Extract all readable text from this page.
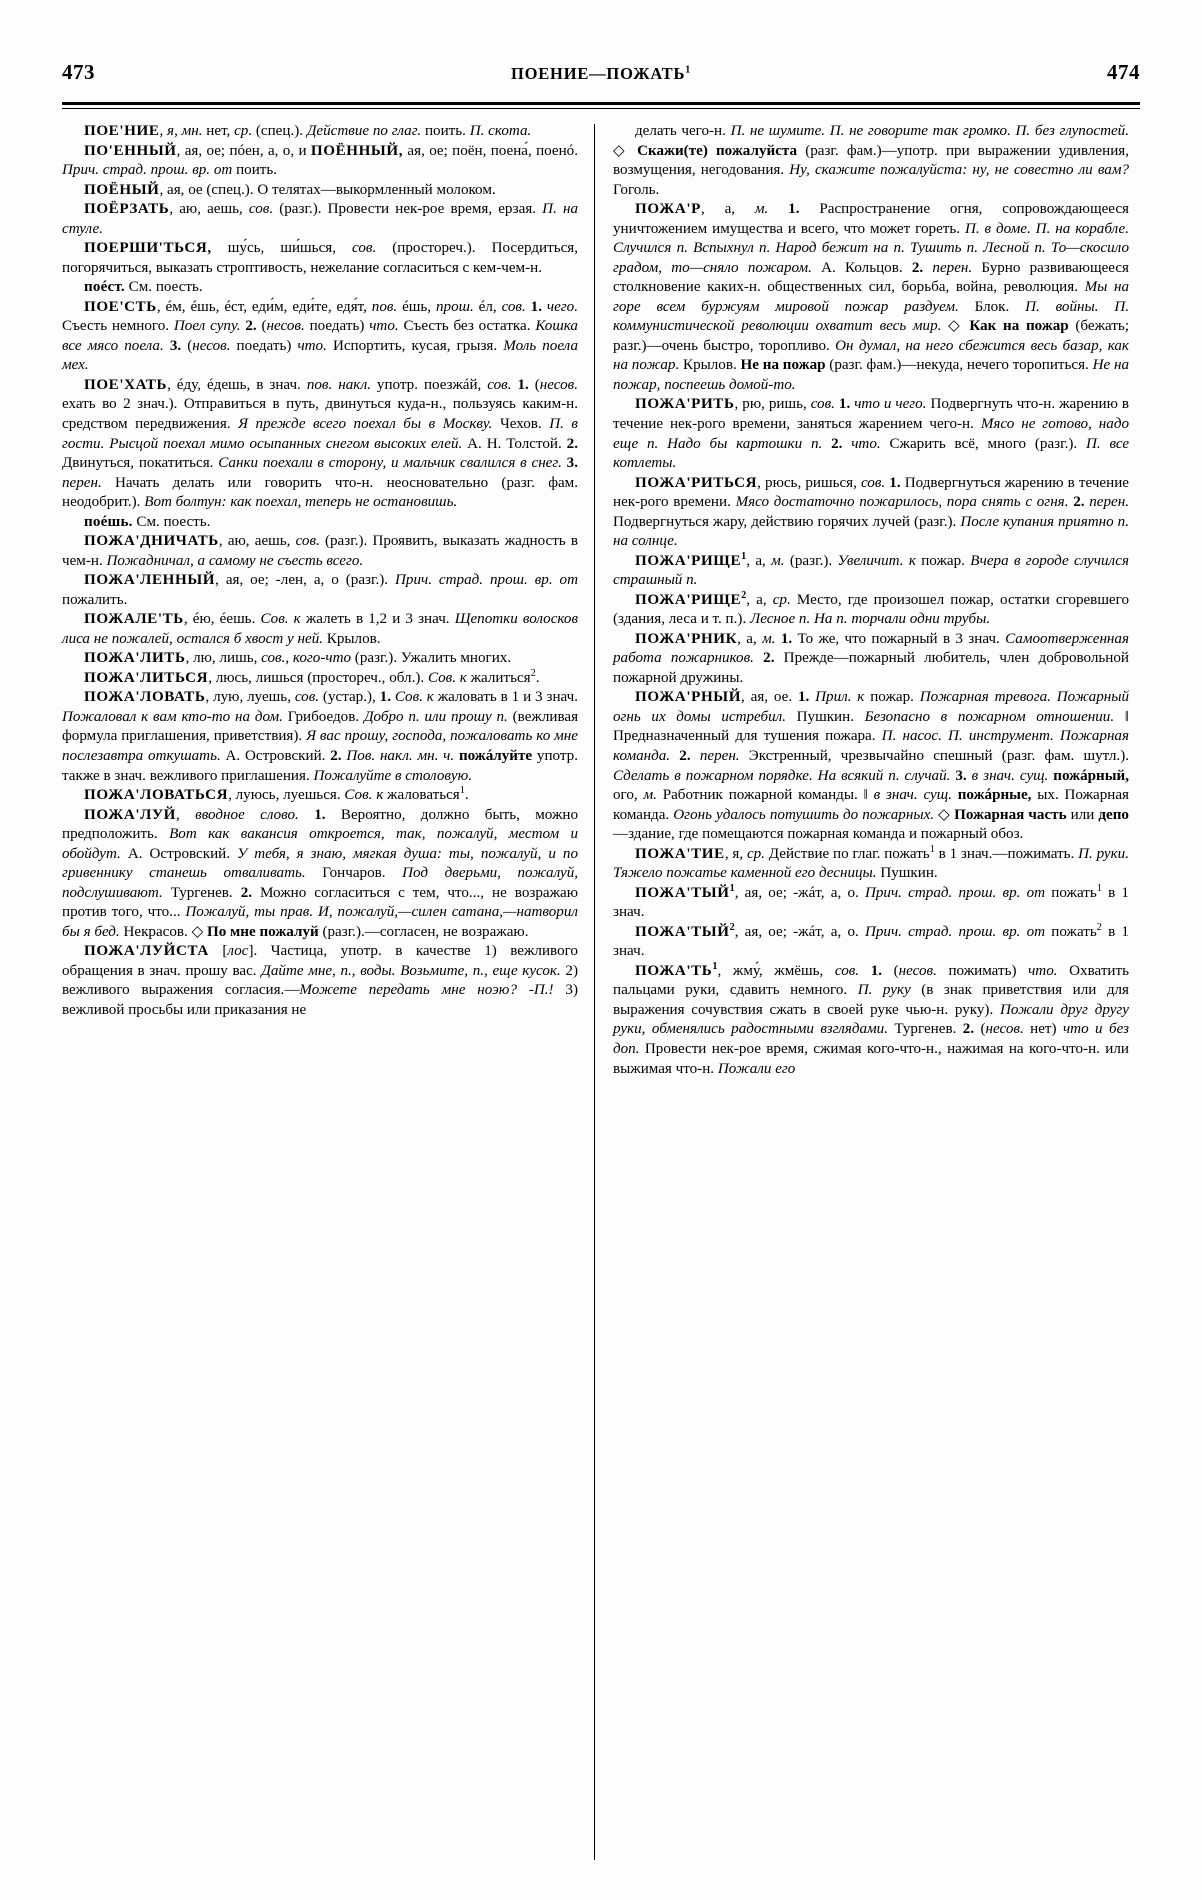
473	ПОЕНИЕ—ПОЖАТЬ$^1$	474

ПОЕ'НИЕ, я, мн. нет, ср. (спец.). Действие по глаг. поить. П. скота.

ПО'ЕННЫЙ, ая, ое; пóен, а, о, и ПОЁННЫЙ, ая, ое; поён, поена́, поенó. Прич. страд. прош. вр. от поить.

ПОЁНЫЙ, ая, ое (спец.). О телятах—выкормленный молоком.

ПОЁРЗАТЬ, аю, аешь, сов. (разг.). Провести нек-рое время, ерзая. П. на стуле.

ПОЕРШИ'ТЬСЯ, шу́сь, ши́шься, сов. (простореч.). Посердиться, погорячиться, выказать строптивость, нежелание согласиться с кем-чем-н.

поéст. См. поесть.

ПОЕ'СТЬ, éм, éшь, éст, еди́м, еди́те, едя́т, пов. éшь, прош. éл, сов. 1. чего. Съесть немного. Поел супу. 2. (несов. поедать) что. Съесть без остатка. Кошка все мясо поела. 3. (несов. поедать) что. Испортить, кусая, грызя. Моль поела мех.

ПОЕ'ХАТЬ, éду, éдешь, в знач. пов. накл. употр. поезжáй, сов. 1. (несов. ехать во 2 знач.). Отправиться в путь, двинуться куда-н., пользуясь каким-н. средством передвижения. Я прежде всего поехал бы в Москву. Чехов. П. в гости. Рысцой поехал мимо осыпанных снегом высоких елей. А. Н. Толстой. 2. Двинуться, покатиться. Санки поехали в сторону, и мальчик свалился в снег. 3. перен. Начать делать или говорить что-н. неосновательно (разг. фам. неодобрит.). Вот болтун: как поехал, теперь не остановишь.

поéшь. См. поесть.

ПОЖА'ДНИЧАТЬ, аю, аешь, сов. (разг.). Проявить, выказать жадность в чем-н. Пожадничал, а самому не съесть всего.

ПОЖА'ЛЕННЫЙ, ая, ое; -лен, а, о (разг.). Прич. страд. прош. вр. от пожалить.

ПОЖАЛЕ'ТЬ, éю, éешь. Сов. к жалеть в 1,2 и 3 знач. Щепотки волосков лиса не пожалей, остался б хвост у ней. Крылов.

ПОЖА'ЛИТЬ, лю, лишь, сов., кого-что (разг.). Ужалить многих.

ПОЖА'ЛИТЬСЯ, люсь, лишься (простореч., обл.). Сов. к жалиться$^2$.

ПОЖА'ЛОВАТЬ, лую, луешь, сов. (устар.), 1. Сов. к жаловать в 1 и 3 знач. Пожаловал к вам кто-то на дом. Грибоедов. Добро п. или прошу п. (вежливая формула приглашения, приветствия). Я вас прошу, господа, пожаловать ко мне послезавтра откушать. А. Островский. 2. Пов. накл. мн. ч. пожáлуйте употр. также в знач. вежливого приглашения. Пожалуйте в столовую.

ПОЖА'ЛОВАТЬСЯ, луюсь, луешься. Сов. к жаловаться$^1$.

ПОЖА'ЛУЙ, вводное слово. 1. Вероятно, должно быть, можно предположить. Вот как вакансия откроется, так, пожалуй, местом и обойдут. А. Островский. У тебя, я знаю, мягкая душа: ты, пожалуй, и по гривеннику станешь отваливать. Гончаров. Под дверьми, пожалуй, подслушивают. Тургенев. 2. Можно согласиться с тем, что..., не возражаю против того, что... Пожалуй, ты прав. И, пожалуй,—силен сатана,—натворил бы я бед. Некрасов. ◇ По мне пожалуй (разг.).—согласен, не возражаю.

ПОЖА'ЛУЙСТА [лос]. Частица, употр. в качестве 1) вежливого обращения в знач. прошу вас. Дайте мне, п., воды. Возьмите, п., еще кусок. 2) вежливого выражения согласия.—Можете передать мне ноэю? -П.! 3) вежливой просьбы или приказания не

делать чего-н. П. не шумите. П. не говорите так громко. П. без глупостей. ◇ Скажи(те) пожалуйста (разг. фам.)—употр. при выражении удивления, возмущения, негодования. Ну, скажите пожалуйста: ну, не совестно ли вам? Гоголь.

ПОЖА'Р, а, м. 1. Распространение огня, сопровождающееся уничтожением имущества и всего, что может гореть. П. в доме. П. на корабле. Случился п. Вспыхнул п. Народ бежит на п. Тушить п. Лесной п. То—скосило градом, то—сняло пожаром. А. Кольцов. 2. перен. Бурно развивающееся столкновение каких-н. общественных сил, борьба, война, революция. Мы на горе всем буржуям мировой пожар раздуем. Блок. П. войны. П. коммунистической революции охватит весь мир. ◇ Как на пожар (бежать; разг.)—очень быстро, торопливо. Он думал, на него сбежится весь базар, как на пожар. Крылов. Не на пожар (разг. фам.)—некуда, нечего торопиться. Не на пожар, поспеешь домой-то.

ПОЖА'РИТЬ, рю, ришь, сов. 1. что и чего. Подвергнуть что-н. жарению в течение нек-рого времени, заняться жарением чего-н. Мясо не готово, надо еще п. Надо бы картошки п. 2. что. Сжарить всё, много (разг.). П. все котлеты.

ПОЖА'РИТЬСЯ, рюсь, ришься, сов. 1. Подвергнуться жарению в течение нек-рого времени. Мясо достаточно пожарилось, пора снять с огня. 2. перен. Подвергнуться жару, действию горячих лучей (разг.). После купания приятно п. на солнце.

ПОЖА'РИЩЕ$^1$, а, м. (разг.). Увеличит. к пожар. Вчера в городе случился страшный п.

ПОЖА'РИЩЕ$^2$, а, ср. Место, где произошел пожар, остатки сгоревшего (здания, леса и т. п.). Лесное п. На п. торчали одни трубы.

ПОЖА'РНИК, а, м. 1. То же, что пожарный в 3 знач. Самоотверженная работа пожарников. 2. Прежде—пожарный любитель, член добровольной пожарной дружины.

ПОЖА'РНЫЙ, ая, ое. 1. Прил. к пожар. Пожарная тревога. Пожарный огнь их домы истребил. Пушкин. Безопасно в пожарном отношении. ‖ Предназначенный для тушения пожара. П. насос. П. инструмент. Пожарная команда. 2. перен. Экстренный, чрезвычайно спешный (разг. фам. шутл.). Сделать в пожарном порядке. На всякий п. случай. 3. в знач. сущ. пожáрный, ого, м. Работник пожарной команды. ‖ в знач. сущ. пожáрные, ых. Пожарная команда. Огонь удалось потушить до пожарных. ◇ Пожарная часть или депо—здание, где помещаются пожарная команда и пожарный обоз.

ПОЖА'ТИЕ, я, ср. Действие по глаг. пожать$^1$ в 1 знач.—пожимать. П. руки. Тяжело пожатье каменной его десницы. Пушкин.

ПОЖА'ТЫЙ$^1$, ая, ое; -жáт, а, о. Прич. страд. прош. вр. от пожать$^1$ в 1 знач.

ПОЖА'ТЫЙ$^2$, ая, ое; -жáт, а, о. Прич. страд. прош. вр. от пожать$^2$ в 1 знач.

$ПОЖА'ТЬ^1$, жму́, жмёшь, сов. 1. (несов. пожимать) что. Охватить пальцами руки, сдавить немного. П. руку (в знак приветствия или для выражения сочувствия сжать в своей руке чью-н. руку). Пожали друг другу руки, обменялись радостными взглядами. Тургенев. 2. (несов. нет) что и без доп. Провести нек-рое время, сжимая кого-что-н., нажимая на кого-что-н. или выжимая что-н. Пожали его
